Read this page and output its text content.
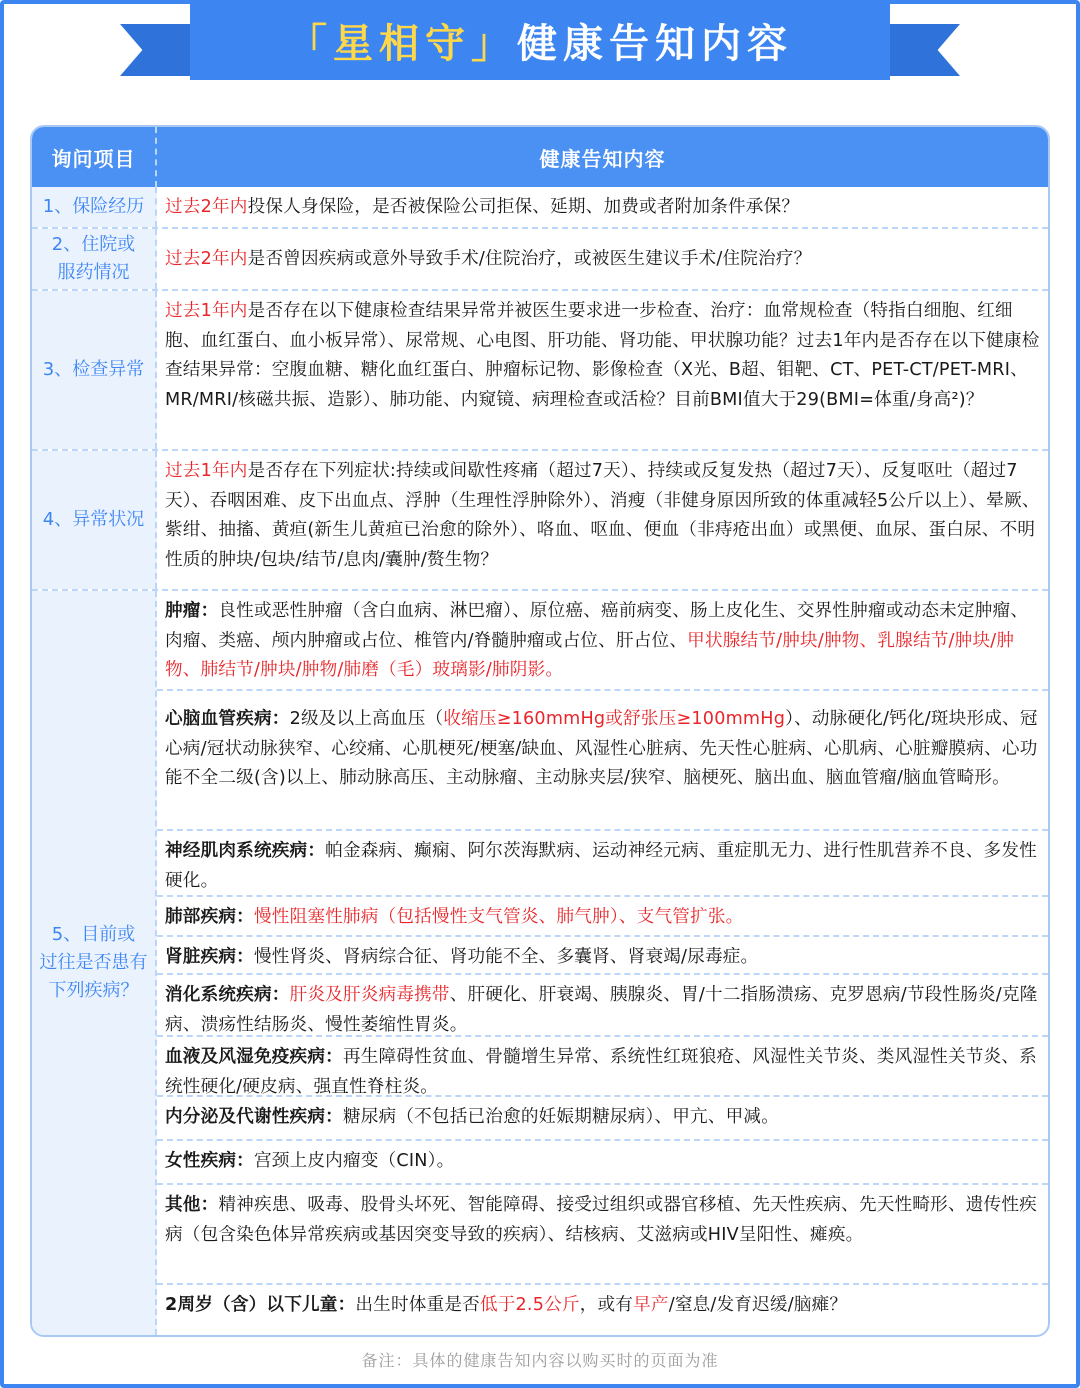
「星相守」健康告知内容
询问项目	健康告知内容
1、保险经历	过去2年内投保人身保险，是否被保险公司拒保、延期、加费或者附加条件承保？
2、住院或
服药情况
过去2年内是否曾因疾病或意外导致手术/住院治疗，或被医生建议手术/住院治疗？
3、检查异常
过去1年内是否存在以下健康检查结果异常并被医生要求进一步检查、治疗：血常规检查（特指白细胞、红细胞、血红蛋白、血小板异常）、尿常规、心电图、肝功能、肾功能、甲状腺功能？过去1年内是否存在以下健康检查结果异常：空腹血糖、糖化血红蛋白、肿瘤标记物、影像检查（X光、B超、钼靶、CT、PET-CT/PET-MRI、MR/MRI/核磁共振、造影）、肺功能、内窥镜、病理检查或活检？目前BMI值大于29(BMI=体重/身高²)？
4、异常状况
过去1年内是否存在下列症状:持续或间歇性疼痛（超过7天）、持续或反复发热（超过7天）、反复呕吐（超过7天）、吞咽困难、皮下出血点、浮肿（生理性浮肿除外）、消瘦（非健身原因所致的体重减轻5公斤以上）、晕厥、紫绀、抽搐、黄疸(新生儿黄疸已治愈的除外）、咯血、呕血、便血（非痔疮出血）或黑便、血尿、蛋白尿、不明性质的肿块/包块/结节/息肉/囊肿/赘生物？
5、目前或
过往是否患有
下列疾病？
肿瘤：良性或恶性肿瘤（含白血病、淋巴瘤）、原位癌、癌前病变、肠上皮化生、交界性肿瘤或动态未定肿瘤、肉瘤、类癌、颅内肿瘤或占位、椎管内/脊髓肿瘤或占位、肝占位、甲状腺结节/肿块/肿物、乳腺结节/肿块/肿物、肺结节/肿块/肿物/肺磨（毛）玻璃影/肺阴影。
心脑血管疾病：2级及以上高血压（收缩压≥160mmHg或舒张压≥100mmHg）、动脉硬化/钙化/斑块形成、冠心病/冠状动脉狭窄、心绞痛、心肌梗死/梗塞/缺血、风湿性心脏病、先天性心脏病、心肌病、心脏瓣膜病、心功能不全二级(含)以上、肺动脉高压、主动脉瘤、主动脉夹层/狭窄、脑梗死、脑出血、脑血管瘤/脑血管畸形。
神经肌肉系统疾病：帕金森病、癫痫、阿尔茨海默病、运动神经元病、重症肌无力、进行性肌营养不良、多发性硬化。
肺部疾病：慢性阻塞性肺病（包括慢性支气管炎、肺气肿）、支气管扩张。
肾脏疾病：慢性肾炎、肾病综合征、肾功能不全、多囊肾、肾衰竭/尿毒症。
消化系统疾病：肝炎及肝炎病毒携带、肝硬化、肝衰竭、胰腺炎、胃/十二指肠溃疡、克罗恩病/节段性肠炎/克隆病、溃疡性结肠炎、慢性萎缩性胃炎。
血液及风湿免疫疾病：再生障碍性贫血、骨髓增生异常、系统性红斑狼疮、风湿性关节炎、类风湿性关节炎、系统性硬化/硬皮病、强直性脊柱炎。
内分泌及代谢性疾病：糖尿病（不包括已治愈的妊娠期糖尿病）、甲亢、甲减。
女性疾病：宫颈上皮内瘤变（CIN）。
其他：精神疾患、吸毒、股骨头坏死、智能障碍、接受过组织或器官移植、先天性疾病、先天性畸形、遗传性疾病（包含染色体异常疾病或基因突变导致的疾病）、结核病、艾滋病或HIV呈阳性、瘫痪。
2周岁（含）以下儿童：出生时体重是否低于2.5公斤，或有早产/窒息/发育迟缓/脑瘫？
备注：具体的健康告知内容以购买时的页面为准
